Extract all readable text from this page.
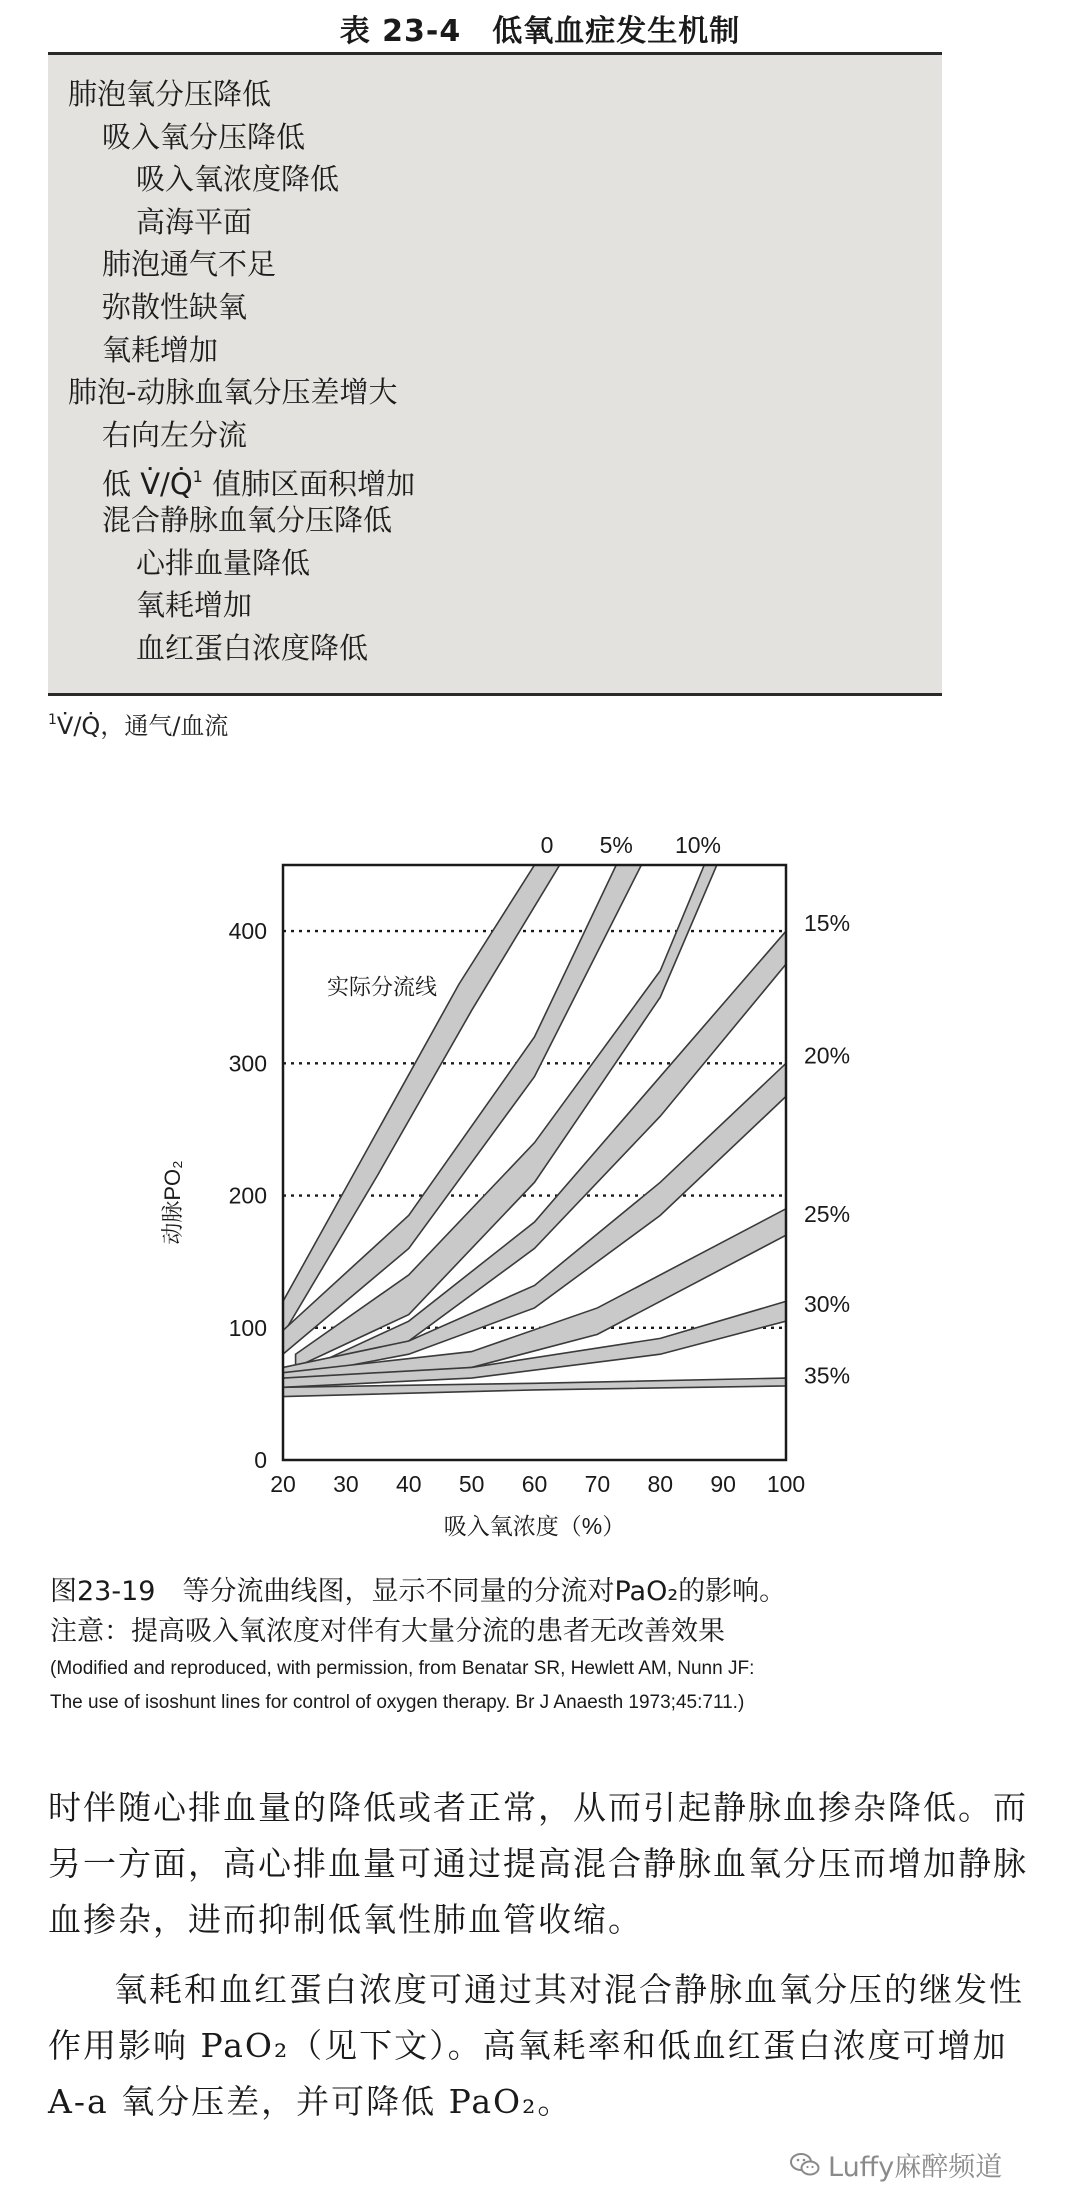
表 23-4　低氧血症发生机制
肺泡氧分压降低
吸入氧分压降低
吸入氧浓度降低
高海平面
肺泡通气不足
弥散性缺氧
氧耗增加
肺泡-动脉血氧分压差增大
右向左分流
低 V̇/Q̇$^1$ 值肺区面积增加
混合静脉血氧分压降低
心排血量降低
氧耗增加
血红蛋白浓度降低
$^1$V̇/Q̇，通气/血流
20 30 40 50 60 70 80 90 100
0
100
200
300
400
0 5% 10%
15%
20%
25%
30%
35%
实际分流线
吸入氧浓度（%）
动脉PO₂
图23-19　等分流曲线图，显示不同量的分流对PaO₂的影响。
注意：提高吸入氧浓度对伴有大量分流的患者无改善效果
(Modified and reproduced, with permission, from Benatar SR, Hewlett AM, Nunn JF:
The use of isoshunt lines for control of oxygen therapy. Br J Anaesth 1973;45:711.)

时伴随心排血量的降低或者正常，从而引起静脉血掺杂降低。而另一方面，高心排血量可通过提高混合静脉血氧分压而增加静脉血掺杂，进而抑制低氧性肺血管收缩。

氧耗和血红蛋白浓度可通过其对混合静脉血氧分压的继发性作用影响 PaO₂（见下文）。高氧耗率和低血红蛋白浓度可增加 A-a 氧分压差，并可降低 PaO₂。

Luffy麻醉频道
